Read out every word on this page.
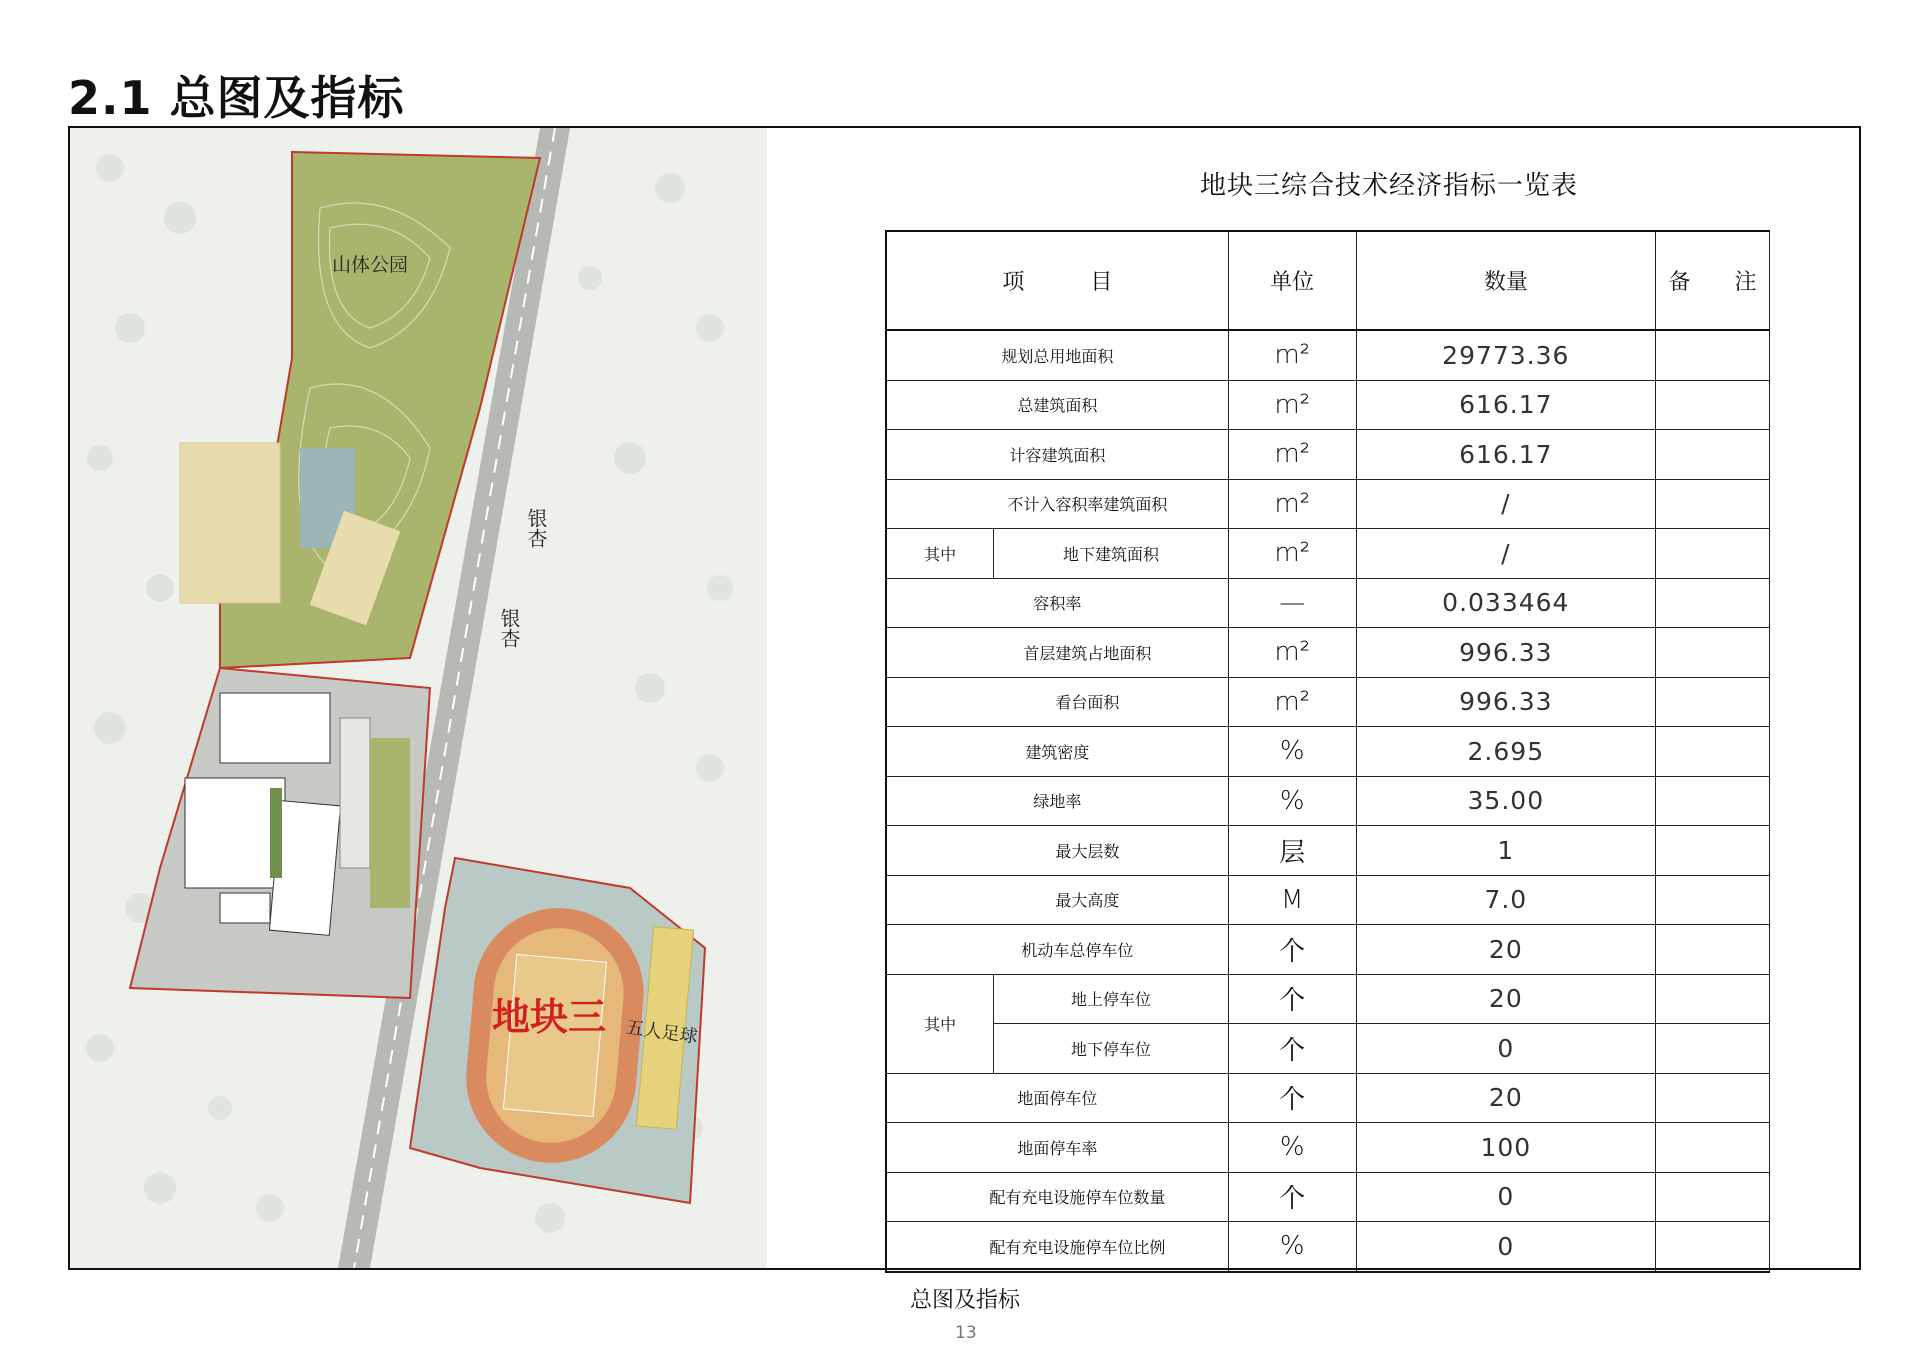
2.1 总图及指标
山体公园
银杏
银杏
地块三 五人足球
地块三综合技术经济指标一览表
项　　　目		单位	数量	备　　注
规划总用地面积		m²	29773.36	
总建筑面积		m²	616.17	
计容建筑面积		m²	616.17	
不计入容积率建筑面积		m²	/	
其中	地下建筑面积	m²	/	
容积率		—	0.033464	
首层建筑占地面积		m²	996.33	
看台面积		m²	996.33	
建筑密度		%	2.695	
绿地率		%	35.00	
最大层数		层	1	
最大高度		M	7.0	
机动车总停车位		个	20	
其中	地上停车位	个	20	
	地下停车位	个	0	
地面停车位		个	20	
地面停车率		%	100	
配有充电设施停车位数量		个	0	
配有充电设施停车位比例		%	0	
总图及指标
13
